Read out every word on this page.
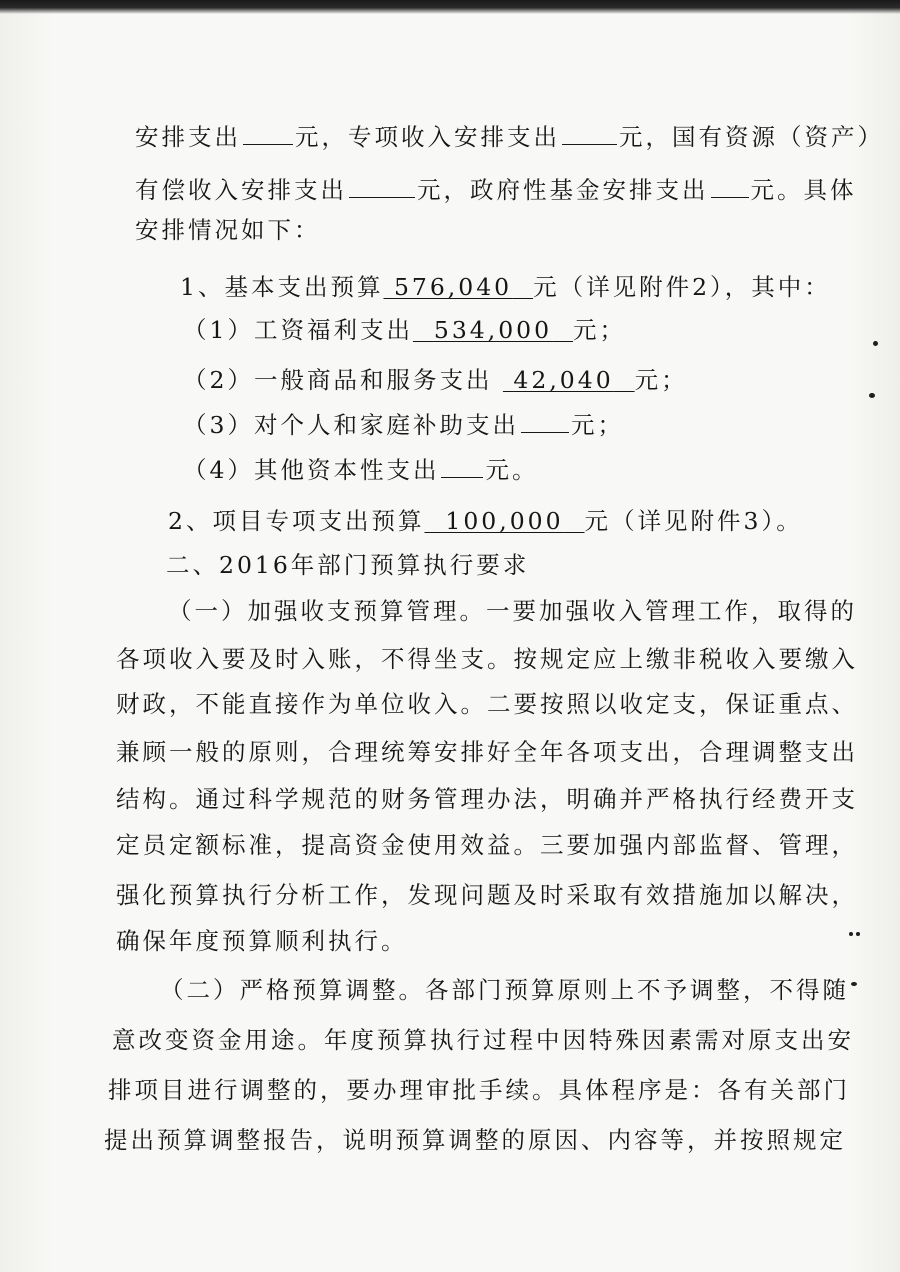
安排支出 元，专项收入安排支出	元，国有资源（资产）

有偿收入安排支出	元，政府性基金安排支出 元。具体

安排情况如下：

1、基本支出预算 576,040 元（详见附件2），其中：

（1）工资福利支出 534,000 元；

（2）一般商品和服务支出 42,040 元；

（3）对个人和家庭补助支出 元；

（4）其他资本性支出 元。

2、项目专项支出预算 100,000 元（详见附件3）。

二、2016年部门预算执行要求

（一）加强收支预算管理。一要加强收入管理工作，取得的

各项收入要及时入账，不得坐支。按规定应上缴非税收入要缴入

财政，不能直接作为单位收入。二要按照以收定支，保证重点、

兼顾一般的原则，合理统筹安排好全年各项支出，合理调整支出

结构。通过科学规范的财务管理办法，明确并严格执行经费开支

定员定额标准，提高资金使用效益。三要加强内部监督、管理，

强化预算执行分析工作，发现问题及时采取有效措施加以解决，

确保年度预算顺利执行。

（二）严格预算调整。各部门预算原则上不予调整，不得随

意改变资金用途。年度预算执行过程中因特殊因素需对原支出安

排项目进行调整的，要办理审批手续。具体程序是：各有关部门

提出预算调整报告，说明预算调整的原因、内容等，并按照规定
